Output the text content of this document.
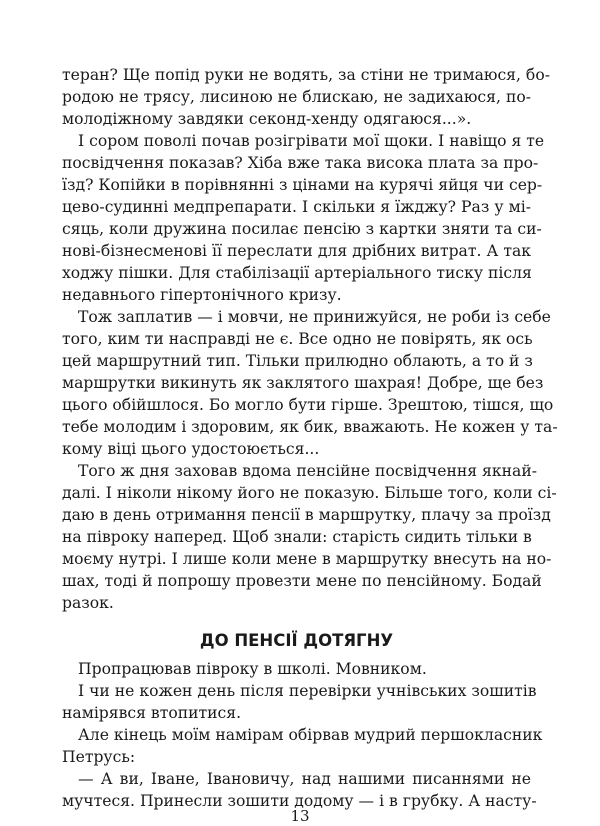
теран? Ще попід руки не водять, за стіни не тримаюся, бо-
родою не трясу, лисиною не блискаю, не задихаюся, по-
молодіжному завдяки секонд-хенду одягаюся...».
І сором поволі почав розігрівати мої щоки. І навіщо я те
посвідчення показав? Хіба вже така висока плата за про-
їзд? Копійки в порівнянні з цінами на курячі яйця чи сер-
цево-судинні медпрепарати. І скільки я їжджу? Раз у мі-
сяць, коли дружина посилає пенсію з картки зняти та си-
нові-бізнесменові її переслати для дрібних витрат. А так
ходжу пішки. Для стабілізації артеріального тиску після
недавнього гіпертонічного кризу.
Тож заплатив — і мовчи, не принижуйся, не роби із себе
того, ким ти насправді не є. Все одно не повірять, як ось
цей маршрутний тип. Тільки прилюдно облають, а то й з
маршрутки викинуть як заклятого шахрая! Добре, ще без
цього обійшлося. Бо могло бути гірше. Зрештою, тішся, що
тебе молодим і здоровим, як бик, вважають. Не кожен у та-
кому віці цього удостоюється...
Того ж дня заховав вдома пенсійне посвідчення якнай-
далі. І ніколи нікому його не показую. Більше того, коли сі-
даю в день отримання пенсії в маршрутку, плачу за проїзд
на півроку наперед. Щоб знали: старість сидить тільки в
моєму нутрі. І лише коли мене в маршрутку внесуть на но-
шах, тоді й попрошу провезти мене по пенсійному. Бодай
разок.
ДО ПЕНСІЇ ДОТЯГНУ
Пропрацював півроку в школі. Мовником.
І чи не кожен день після перевірки учнівських зошитів
намірявся втопитися.
Але кінець моїм намірам обірвав мудрий першокласник
Петрусь:
— А ви, Іване, Івановичу, над нашими писаннями не
мучтеся. Принесли зошити додому — і в грубку. А насту-
13
